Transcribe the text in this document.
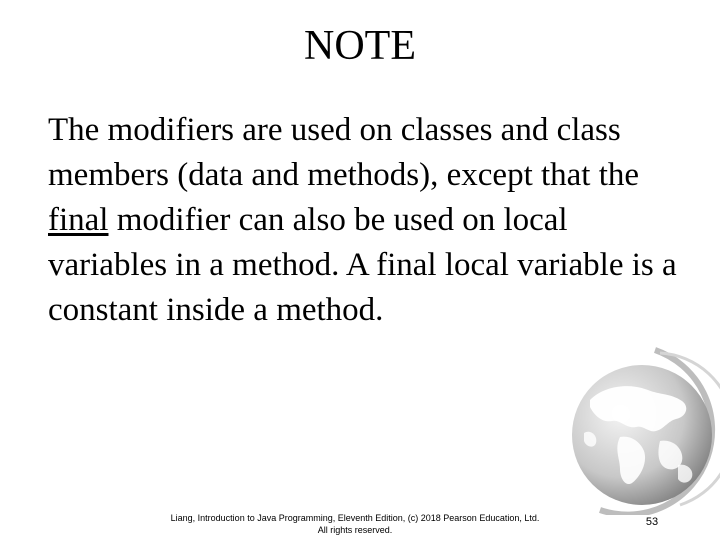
NOTE

The modifiers are used on classes and class members (data and methods), except that the final modifier can also be used on local variables in a method. A final local variable is a constant inside a method.

Liang, Introduction to Java Programming, Eleventh Edition, (c) 2018 Pearson Education, Ltd.
All rights reserved.
53
